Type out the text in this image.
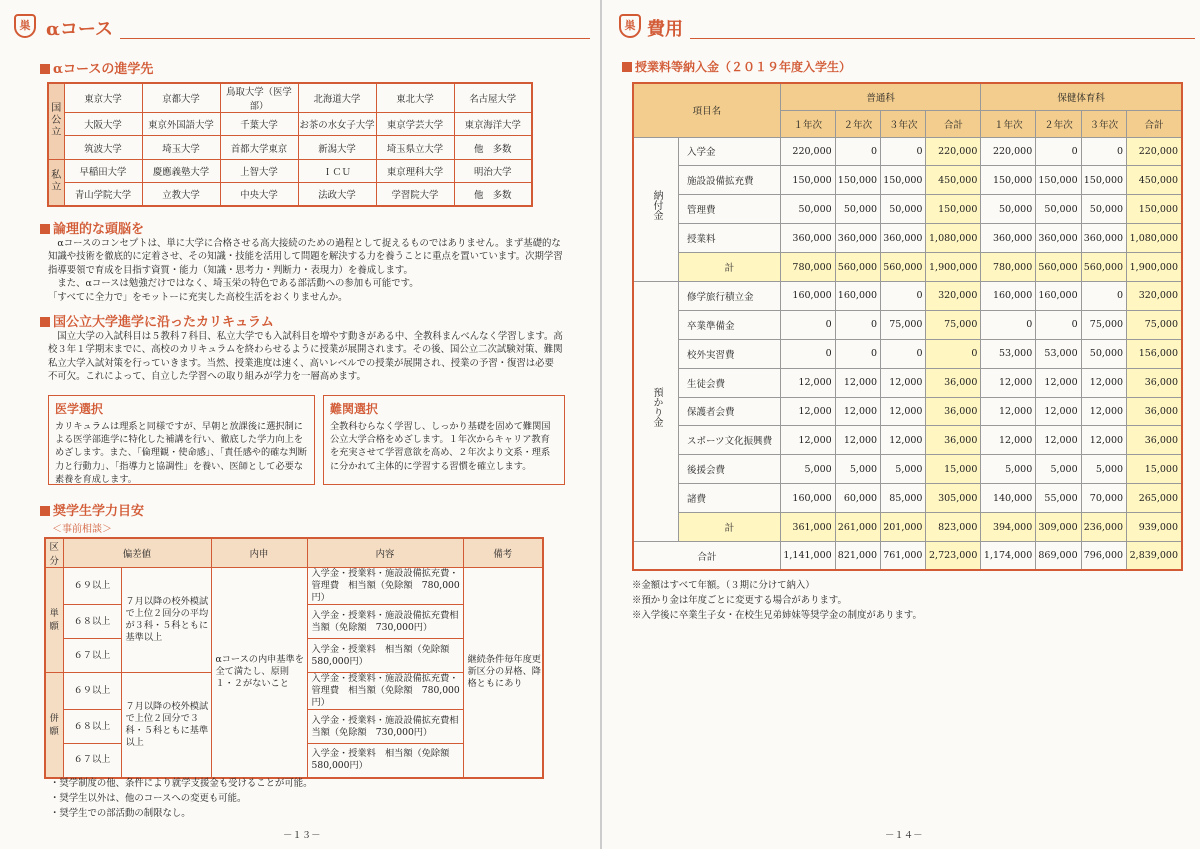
巣 αコース
αコースの進学先
国公立	東京大学	京都大学	鳥取大学（医学部）	北海道大学	東北大学	名古屋大学
	大阪大学	東京外国語大学	千葉大学	お茶の水女子大学	東京学芸大学	東京海洋大学
	筑波大学	埼玉大学	首都大学東京	新潟大学	埼玉県立大学	他　多数
私立	早稲田大学	慶應義塾大学	上智大学	ＩＣＵ	東京理科大学	明治大学
	青山学院大学	立教大学	中央大学	法政大学	学習院大学	他　多数
論理的な頭脳を

αコースのコンセプトは、単に大学に合格させる高大接続のための過程として捉えるものではありません。まず基礎的な知識や技術を徹底的に定着させ、その知識・技能を活用して問題を解決する力を養うことに重点を置いています。次期学習指導要領で育成を目指す資質・能力（知識・思考力・判断力・表現力）を養成します。

また、αコースは勉強だけではなく、埼玉栄の特色である部活動への参加も可能です。

「すべてに全力で」をモットーに充実した高校生活をおくりませんか。

国公立大学進学に沿ったカリキュラム

国立大学の入試科目は５教科７科目、私立大学でも入試科目を増やす動きがある中、全教科まんべんなく学習します。高校３年１学期末までに、高校のカリキュラムを終わらせるように授業が展開されます。その後、国公立二次試験対策、難関私立大学入試対策を行っていきます。当然、授業進度は速く、高いレベルでの授業が展開され、授業の予習・復習は必要不可欠。これによって、自立した学習への取り組みが学力を一層高めます。

医学選択
カリキュラムは理系と同様ですが、早朝と放課後に選択制による医学部進学に特化した補講を行い、徹底した学力向上をめざします。また、「倫理観・使命感」、「責任感や的確な判断力と行動力」、「指導力と協調性」を養い、医師として必要な素養を育成します。
難関選択
全教科むらなく学習し、しっかり基礎を固めて難関国公立大学合格をめざします。１年次からキャリア教育を充実させて学習意欲を高め、２年次より文系・理系に分かれて主体的に学習する習慣を確立します。
奨学生学力目安
＜事前相談＞
区分	偏差値		内申	内容	備考
単願	６９以上	７月以降の校外模試で上位２回分の平均が３科・５科ともに基準以上	αコースの内申基準を全て満たし、原則１・２がないこと	入学金・授業料・施設設備拡充費・管理費　相当額（免除額　780,000円）	継続条件毎年度更新区分の昇格、降格ともにあり
	６８以上			入学金・授業料・施設設備拡充費相当額（免除額　730,000円）	
	６７以上			入学金・授業料　相当額（免除額　580,000円）	
併願	６９以上	７月以降の校外模試で上位２回分で３科・５科ともに基準以上		入学金・授業料・施設設備拡充費・管理費　相当額（免除額　780,000円）	
	６８以上			入学金・授業料・施設設備拡充費相当額（免除額　730,000円）	
	６７以上			入学金・授業料　相当額（免除額　580,000円）	
・奨学制度の他、条件により就学支援金も受けることが可能。
・奨学生以外は、他のコースへの変更も可能。
・奨学生での部活動の制限なし。
－１３－
巣 費用
授業料等納入金（２０１９年度入学生）
－１４－
項目名		普通科				保健体育科			
		１年次	２年次	３年次	合計	１年次	２年次	３年次	合計
納付金	入学金	220,000	0	0	220,000	220,000	0	0	220,000
	施設設備拡充費	150,000	150,000	150,000	450,000	150,000	150,000	150,000	450,000
	管理費	50,000	50,000	50,000	150,000	50,000	50,000	50,000	150,000
	授業料	360,000	360,000	360,000	1,080,000	360,000	360,000	360,000	1,080,000
	計	780,000	560,000	560,000	1,900,000	780,000	560,000	560,000	1,900,000
預かり金	修学旅行積立金	160,000	160,000	0	320,000	160,000	160,000	0	320,000
	卒業準備金	0	0	75,000	75,000	0	0	75,000	75,000
	校外実習費	0	0	0	0	53,000	53,000	50,000	156,000
	生徒会費	12,000	12,000	12,000	36,000	12,000	12,000	12,000	36,000
	保護者会費	12,000	12,000	12,000	36,000	12,000	12,000	12,000	36,000
	スポーツ文化振興費	12,000	12,000	12,000	36,000	12,000	12,000	12,000	36,000
	後援会費	5,000	5,000	5,000	15,000	5,000	5,000	5,000	15,000
	諸費	160,000	60,000	85,000	305,000	140,000	55,000	70,000	265,000
	計	361,000	261,000	201,000	823,000	394,000	309,000	236,000	939,000
合計		1,141,000	821,000	761,000	2,723,000	1,174,000	869,000	796,000	2,839,000
※金額はすべて年額。（３期に分けて納入）
※預かり金は年度ごとに変更する場合があります。
※入学後に卒業生子女・在校生兄弟姉妹等奨学金の制度があります。
